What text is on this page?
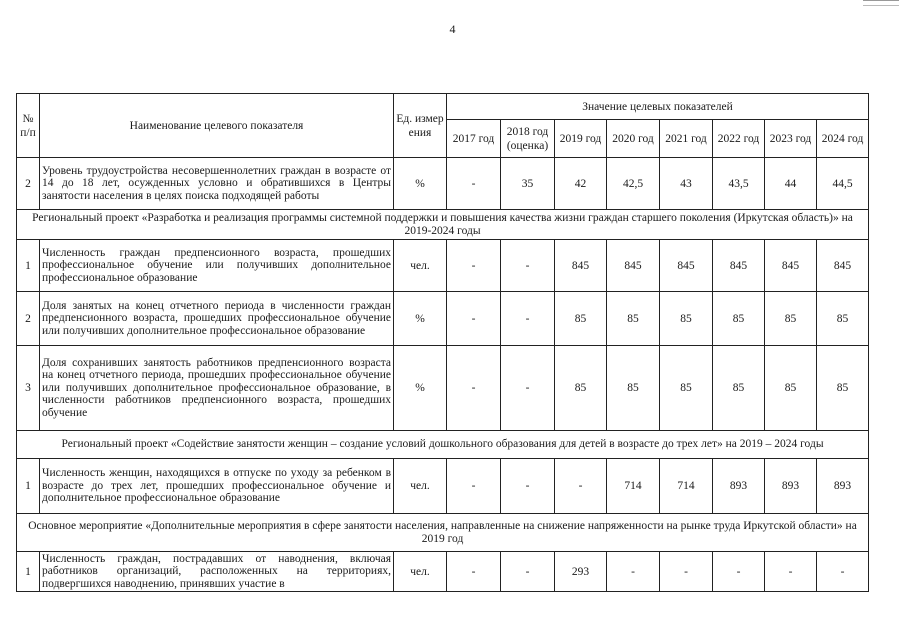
4
№ п/п	Наименование целевого показателя	Ед. измер ения	Значение целевых показателей							
			2017 год	2018 год (оценка)	2019 год	2020 год	2021 год	2022 год	2023 год	2024 год
2	Уровень трудоустройства несовершеннолетних граждан в возрасте от 14 до 18 лет, осужденных условно и обратившихся в Центры занятости населения в целях поиска подходящей работы	%	-	35	42	42,5	43	43,5	44	44,5
Региональный проект «Разработка и реализация программы системной поддержки и повышения качества жизни граждан старшего поколения (Иркутская область)» на 2019-2024 годы										
1	Численность граждан предпенсионного возраста, прошедших профессиональное обучение или получивших дополнительное профессиональное образование	чел.	-	-	845	845	845	845	845	845
2	Доля занятых на конец отчетного периода в численности граждан предпенсионного возраста, прошедших профессиональное обучение или получивших дополнительное профессиональное образование	%	-	-	85	85	85	85	85	85
3	Доля сохранивших занятость работников предпенсионного возраста на конец отчетного периода, прошедших профессиональное обучение или получивших дополнительное профессиональное образование, в численности работников предпенсионного возраста, прошедших обучение	%	-	-	85	85	85	85	85	85
Региональный проект «Содействие занятости женщин – создание условий дошкольного образования для детей в возрасте до трех лет» на 2019 – 2024 годы										
1	Численность женщин, находящихся в отпуске по уходу за ребенком в возрасте до трех лет, прошедших профессиональное обучение и дополнительное профессиональное образование	чел.	-	-	-	714	714	893	893	893
Основное мероприятие «Дополнительные мероприятия в сфере занятости населения, направленные на снижение напряженности на рынке труда Иркутской области» на 2019 год										
1	Численность граждан, пострадавших от наводнения, включая работников организаций, расположенных на территориях, подвергшихся наводнению, принявших участие в	чел.	-	-	293	-	-	-	-	-
